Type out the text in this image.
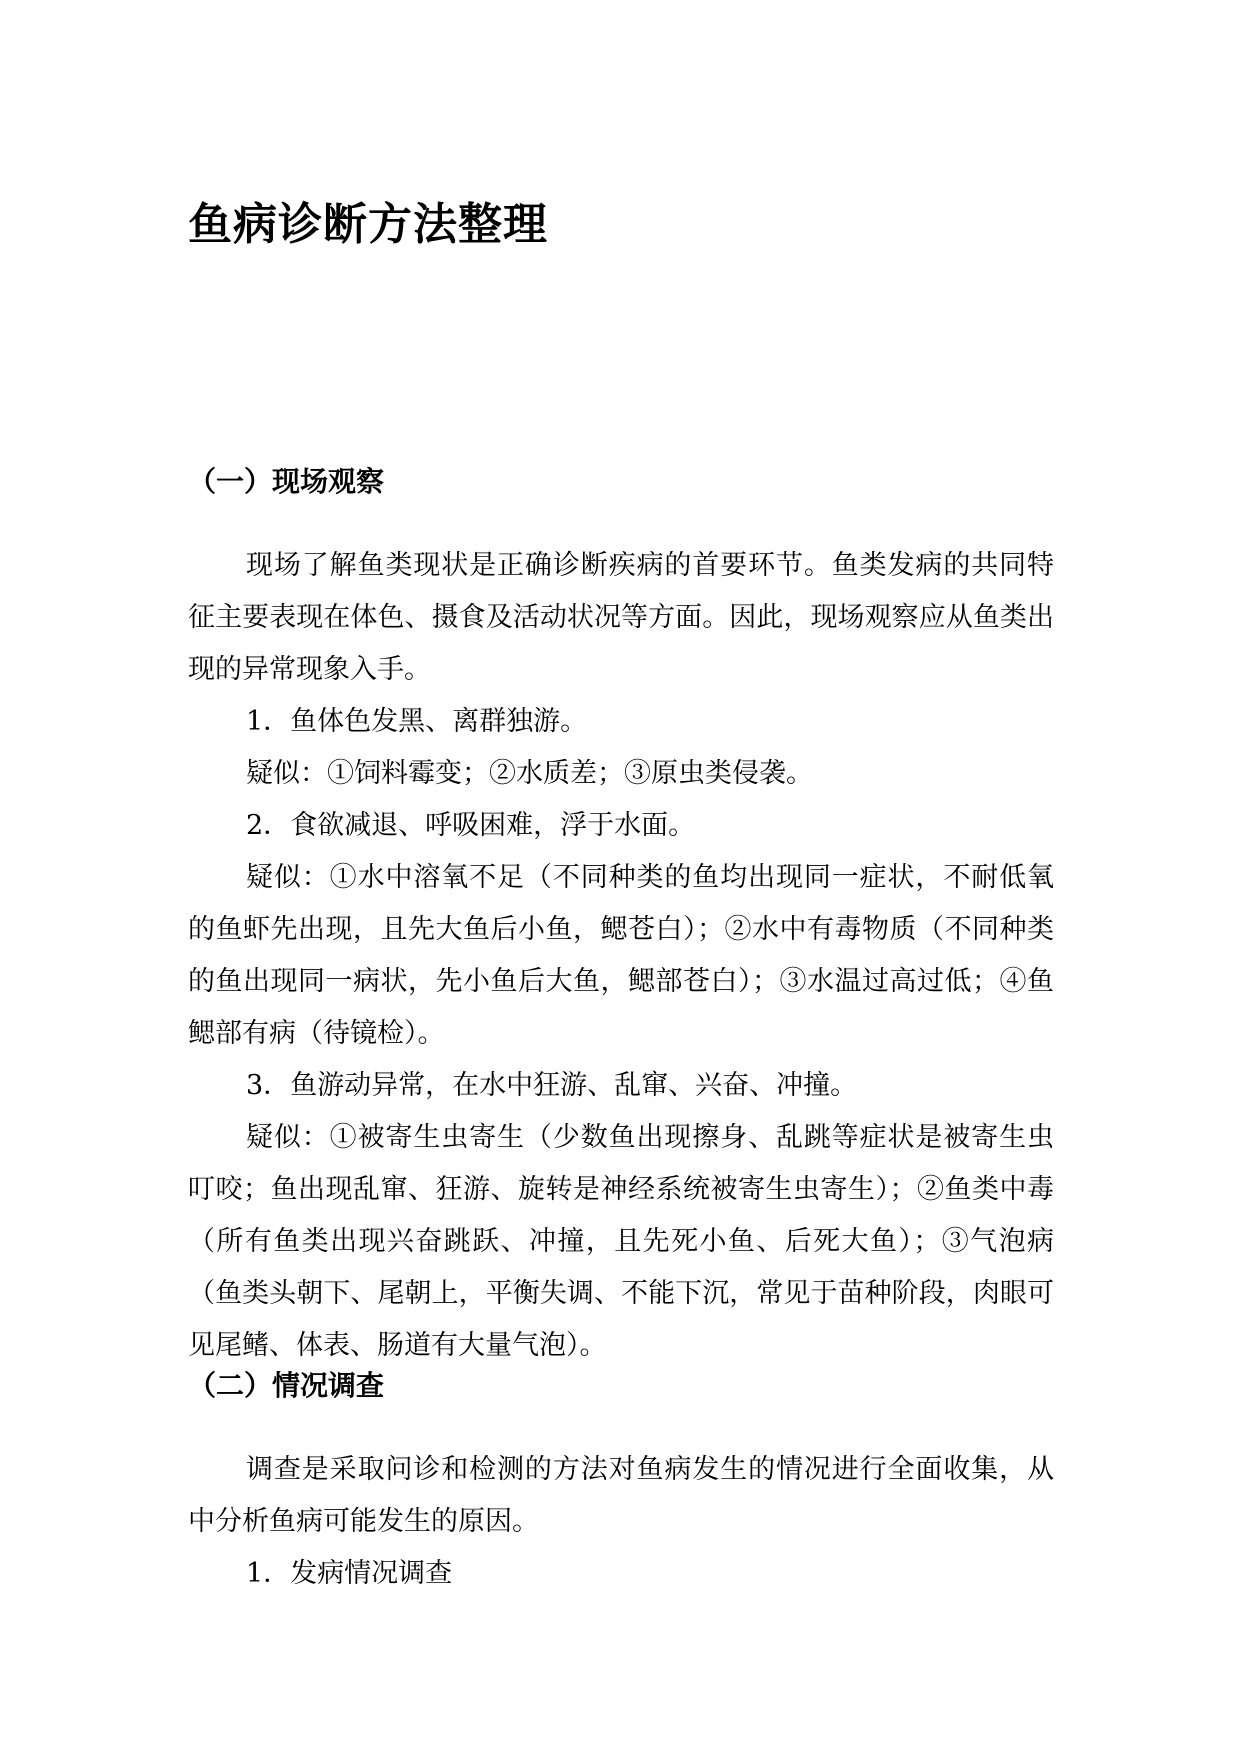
鱼病诊断方法整理
（一）现场观察

现场了解鱼类现状是正确诊断疾病的首要环节。鱼类发病的共同特征主要表现在体色、摄食及活动状况等方面。因此，现场观察应从鱼类出现的异常现象入手。

1．鱼体色发黑、离群独游。

疑似：①饲料霉变；②水质差；③原虫类侵袭。

2．食欲减退、呼吸困难，浮于水面。

疑似：①水中溶氧不足（不同种类的鱼均出现同一症状，不耐低氧的鱼虾先出现，且先大鱼后小鱼，鳃苍白）；②水中有毒物质（不同种类的鱼出现同一病状，先小鱼后大鱼，鳃部苍白）；③水温过高过低；④鱼鳃部有病（待镜检）。

3．鱼游动异常，在水中狂游、乱窜、兴奋、冲撞。

疑似：①被寄生虫寄生（少数鱼出现擦身、乱跳等症状是被寄生虫叮咬；鱼出现乱窜、狂游、旋转是神经系统被寄生虫寄生）；②鱼类中毒（所有鱼类出现兴奋跳跃、冲撞，且先死小鱼、后死大鱼）；③气泡病（鱼类头朝下、尾朝上，平衡失调、不能下沉，常见于苗种阶段，肉眼可见尾鳍、体表、肠道有大量气泡）。

（二）情况调查

调查是采取问诊和检测的方法对鱼病发生的情况进行全面收集，从中分析鱼病可能发生的原因。

1．发病情况调查
